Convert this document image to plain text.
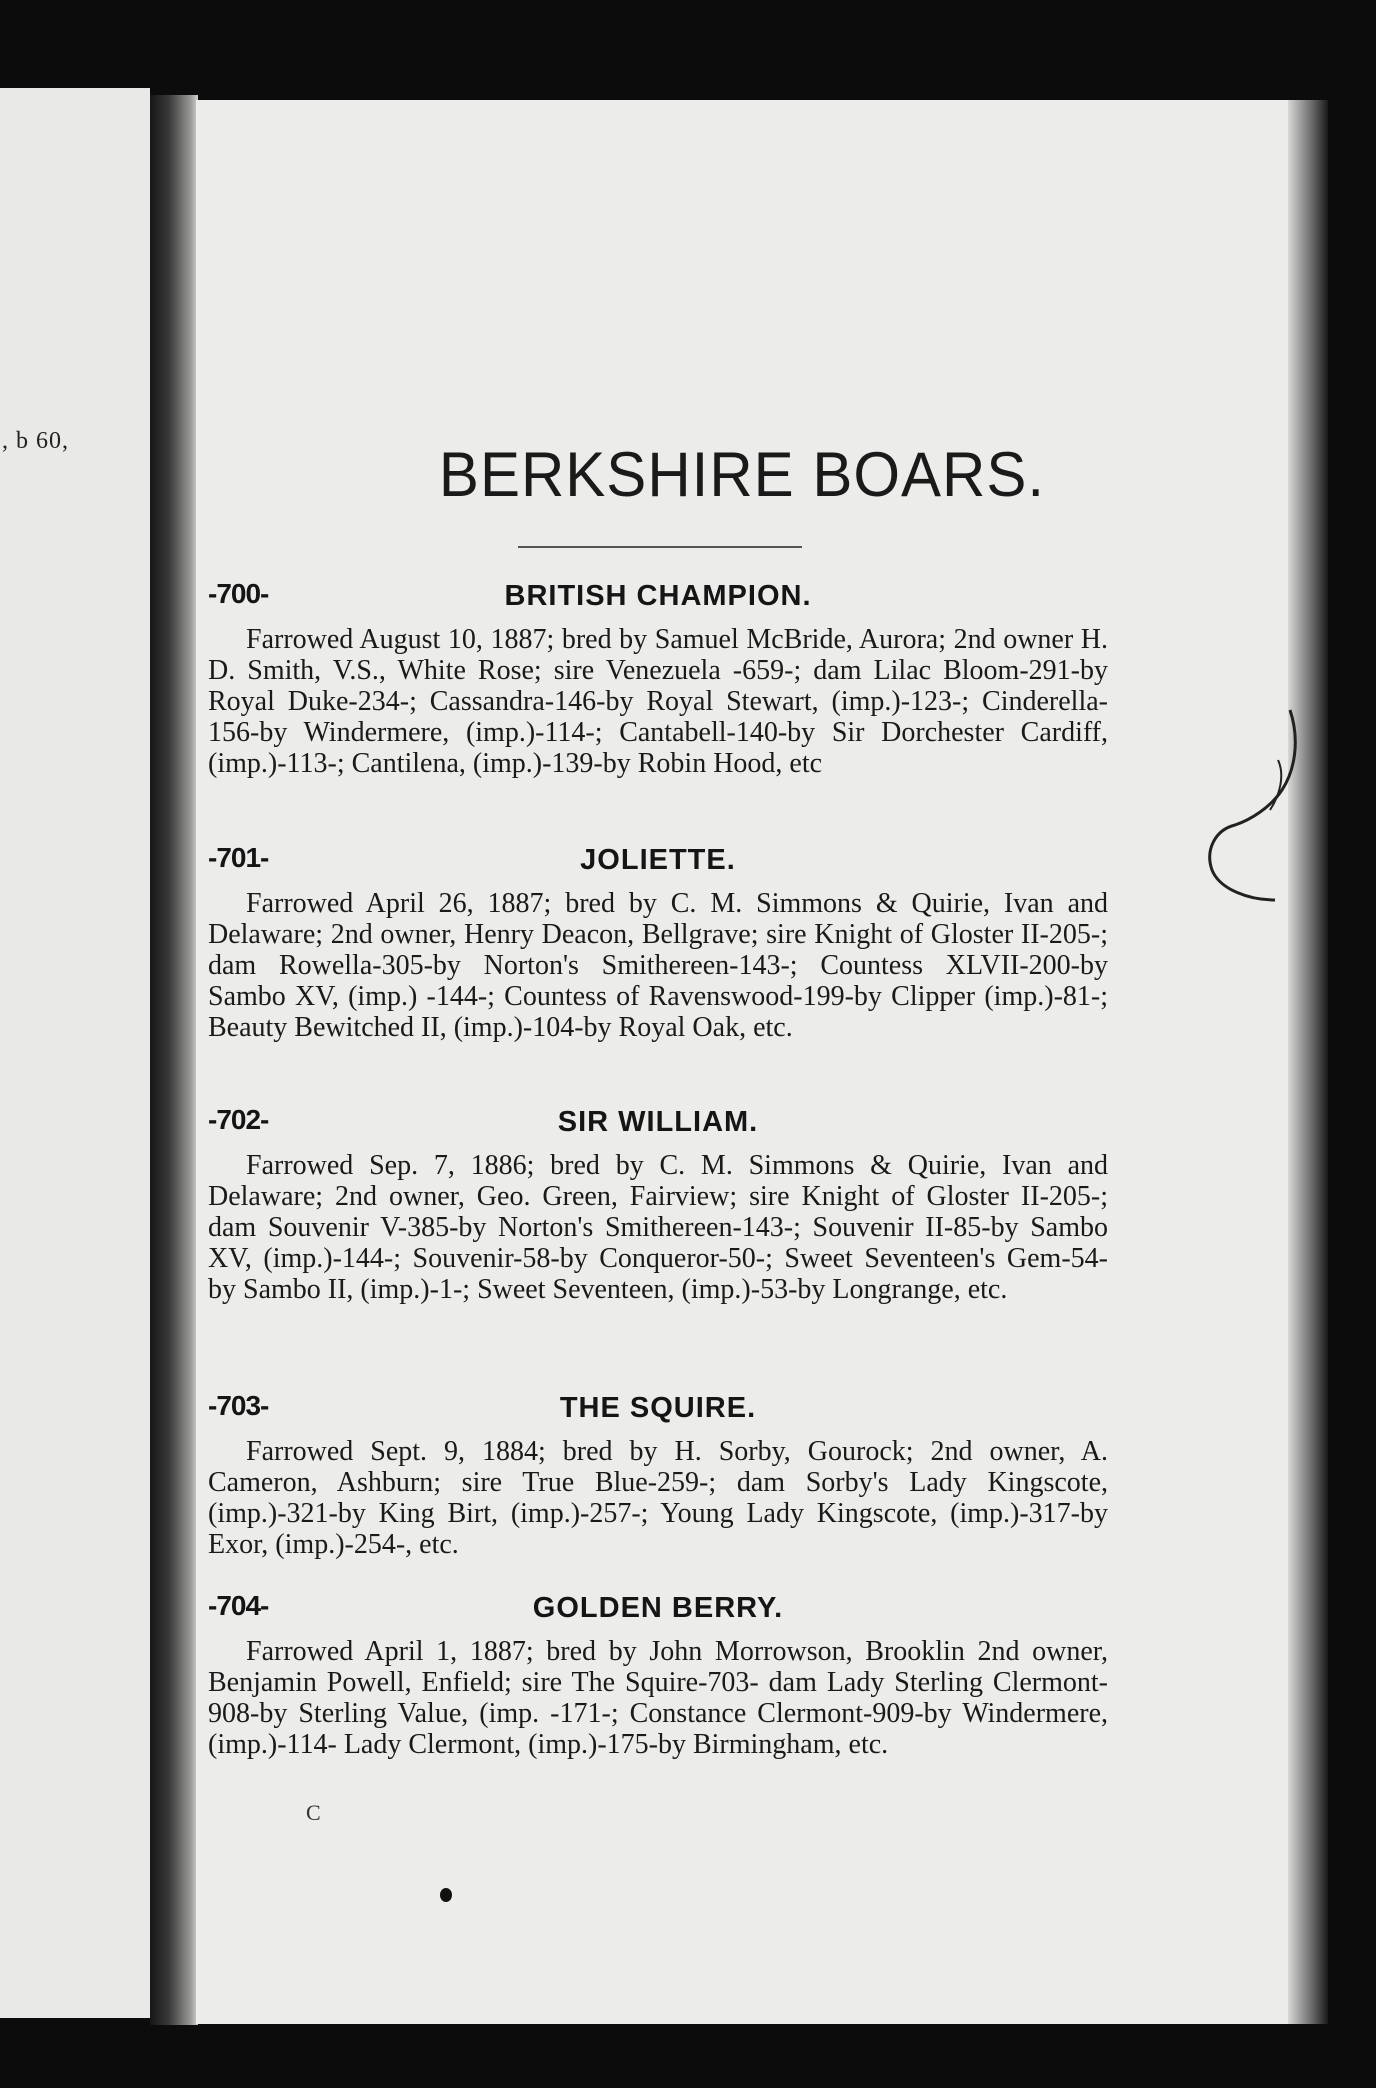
, b 60,	BERKSHIRE BOARS.
-700-	BRITISH CHAMPION.

Farrowed August 10, 1887; bred by Samuel McBride, Aurora; 2nd owner H. D. Smith, V.S., White Rose; sire Venezuela -659-; dam Lilac Bloom-291-by Royal Duke-234-; Cassandra-146-by Royal Stewart, (imp.)-123-; Cinderella-156-by Windermere, (imp.)-114-; Cantabell-140-by Sir Dorchester Cardiff, (imp.)-113-; Cantilena, (imp.)-139-by Robin Hood, etc

-701-	JOLIETTE.

Farrowed April 26, 1887; bred by C. M. Simmons & Quirie, Ivan and Delaware; 2nd owner, Henry Deacon, Bellgrave; sire Knight of Gloster II-205-; dam Rowella-305-by Norton's Smithereen-143-; Countess XLVII-200-by Sambo XV, (imp.) -144-; Countess of Ravenswood-199-by Clipper (imp.)-81-; Beauty Bewitched II, (imp.)-104-by Royal Oak, etc.

-702-	SIR WILLIAM.

Farrowed Sep. 7, 1886; bred by C. M. Simmons & Quirie, Ivan and Delaware; 2nd owner, Geo. Green, Fairview; sire Knight of Gloster II-205-; dam Souvenir V-385-by Norton's Smithereen-143-; Souvenir II-85-by Sambo XV, (imp.)-144-; Souvenir-58-by Conqueror-50-; Sweet Seventeen's Gem-54-by Sambo II, (imp.)-1-; Sweet Seventeen, (imp.)-53-by Longrange, etc.

-703-	THE SQUIRE.

Farrowed Sept. 9, 1884; bred by H. Sorby, Gourock; 2nd owner, A. Cameron, Ashburn; sire True Blue-259-; dam Sorby's Lady Kingscote, (imp.)-321-by King Birt, (imp.)-257-; Young Lady Kingscote, (imp.)-317-by Exor, (imp.)-254-, etc.

-704-	GOLDEN BERRY.

Farrowed April 1, 1887; bred by John Morrowson, Brooklin 2nd owner, Benjamin Powell, Enfield; sire The Squire-703- dam Lady Sterling Clermont-908-by Sterling Value, (imp. -171-; Constance Clermont-909-by Windermere, (imp.)-114- Lady Clermont, (imp.)-175-by Birmingham, etc.

C
